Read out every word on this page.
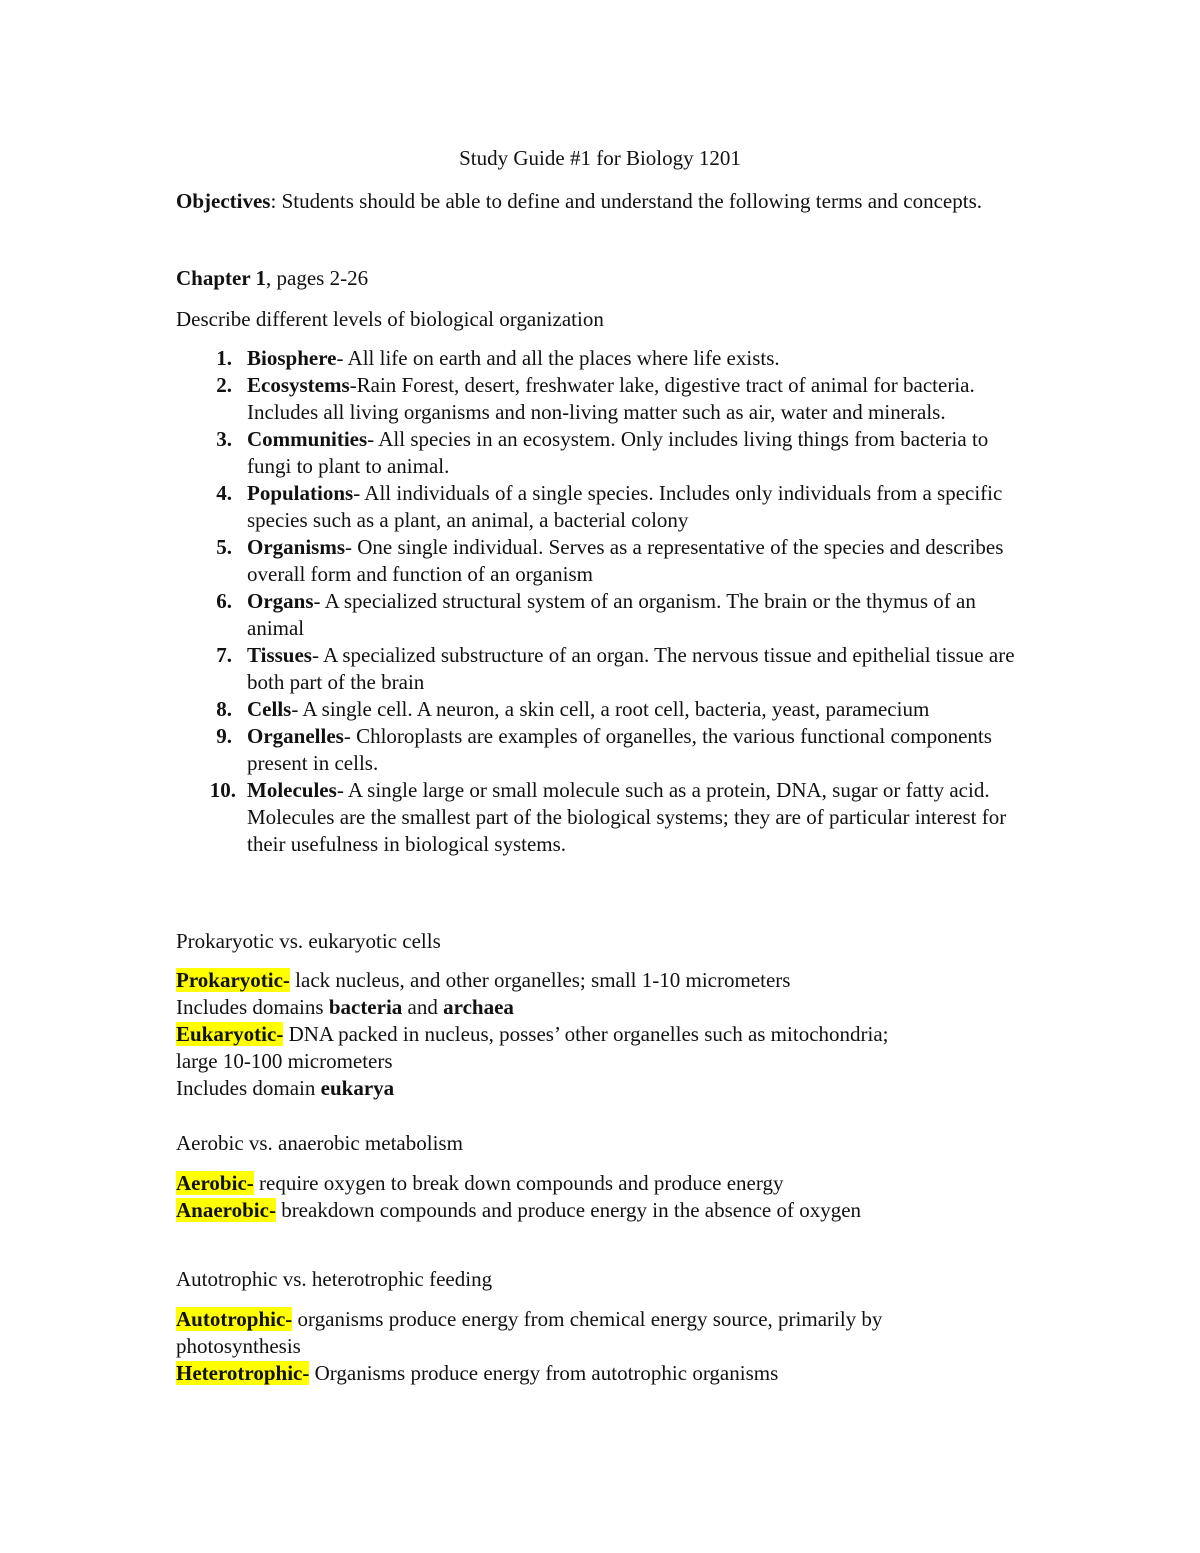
Study Guide #1 for Biology 1201
Objectives: Students should be able to define and understand the following terms and concepts.
Chapter 1, pages 2-26
Describe different levels of biological organization
1. Biosphere- All life on earth and all the places where life exists.
2. Ecosystems-Rain Forest, desert, freshwater lake, digestive tract of animal for bacteria. Includes all living organisms and non-living matter such as air, water and minerals.
3. Communities- All species in an ecosystem. Only includes living things from bacteria to fungi to plant to animal.
4. Populations- All individuals of a single species. Includes only individuals from a specific species such as a plant, an animal, a bacterial colony
5. Organisms- One single individual. Serves as a representative of the species and describes overall form and function of an organism
6. Organs- A specialized structural system of an organism. The brain or the thymus of an animal
7. Tissues- A specialized substructure of an organ. The nervous tissue and epithelial tissue are both part of the brain
8. Cells- A single cell. A neuron, a skin cell, a root cell, bacteria, yeast, paramecium
9. Organelles- Chloroplasts are examples of organelles, the various functional components present in cells.
10. Molecules- A single large or small molecule such as a protein, DNA, sugar or fatty acid. Molecules are the smallest part of the biological systems; they are of particular interest for their usefulness in biological systems.
Prokaryotic vs. eukaryotic cells
Prokaryotic- lack nucleus, and other organelles; small 1-10 micrometers
Includes domains bacteria and archaea
Eukaryotic- DNA packed in nucleus, posses’ other organelles such as mitochondria;
large 10-100 micrometers
Includes domain eukarya
Aerobic vs. anaerobic metabolism
Aerobic- require oxygen to break down compounds and produce energy
Anaerobic- breakdown compounds and produce energy in the absence of oxygen
Autotrophic vs. heterotrophic feeding
Autotrophic- organisms produce energy from chemical energy source, primarily by
photosynthesis
Heterotrophic- Organisms produce energy from autotrophic organisms
